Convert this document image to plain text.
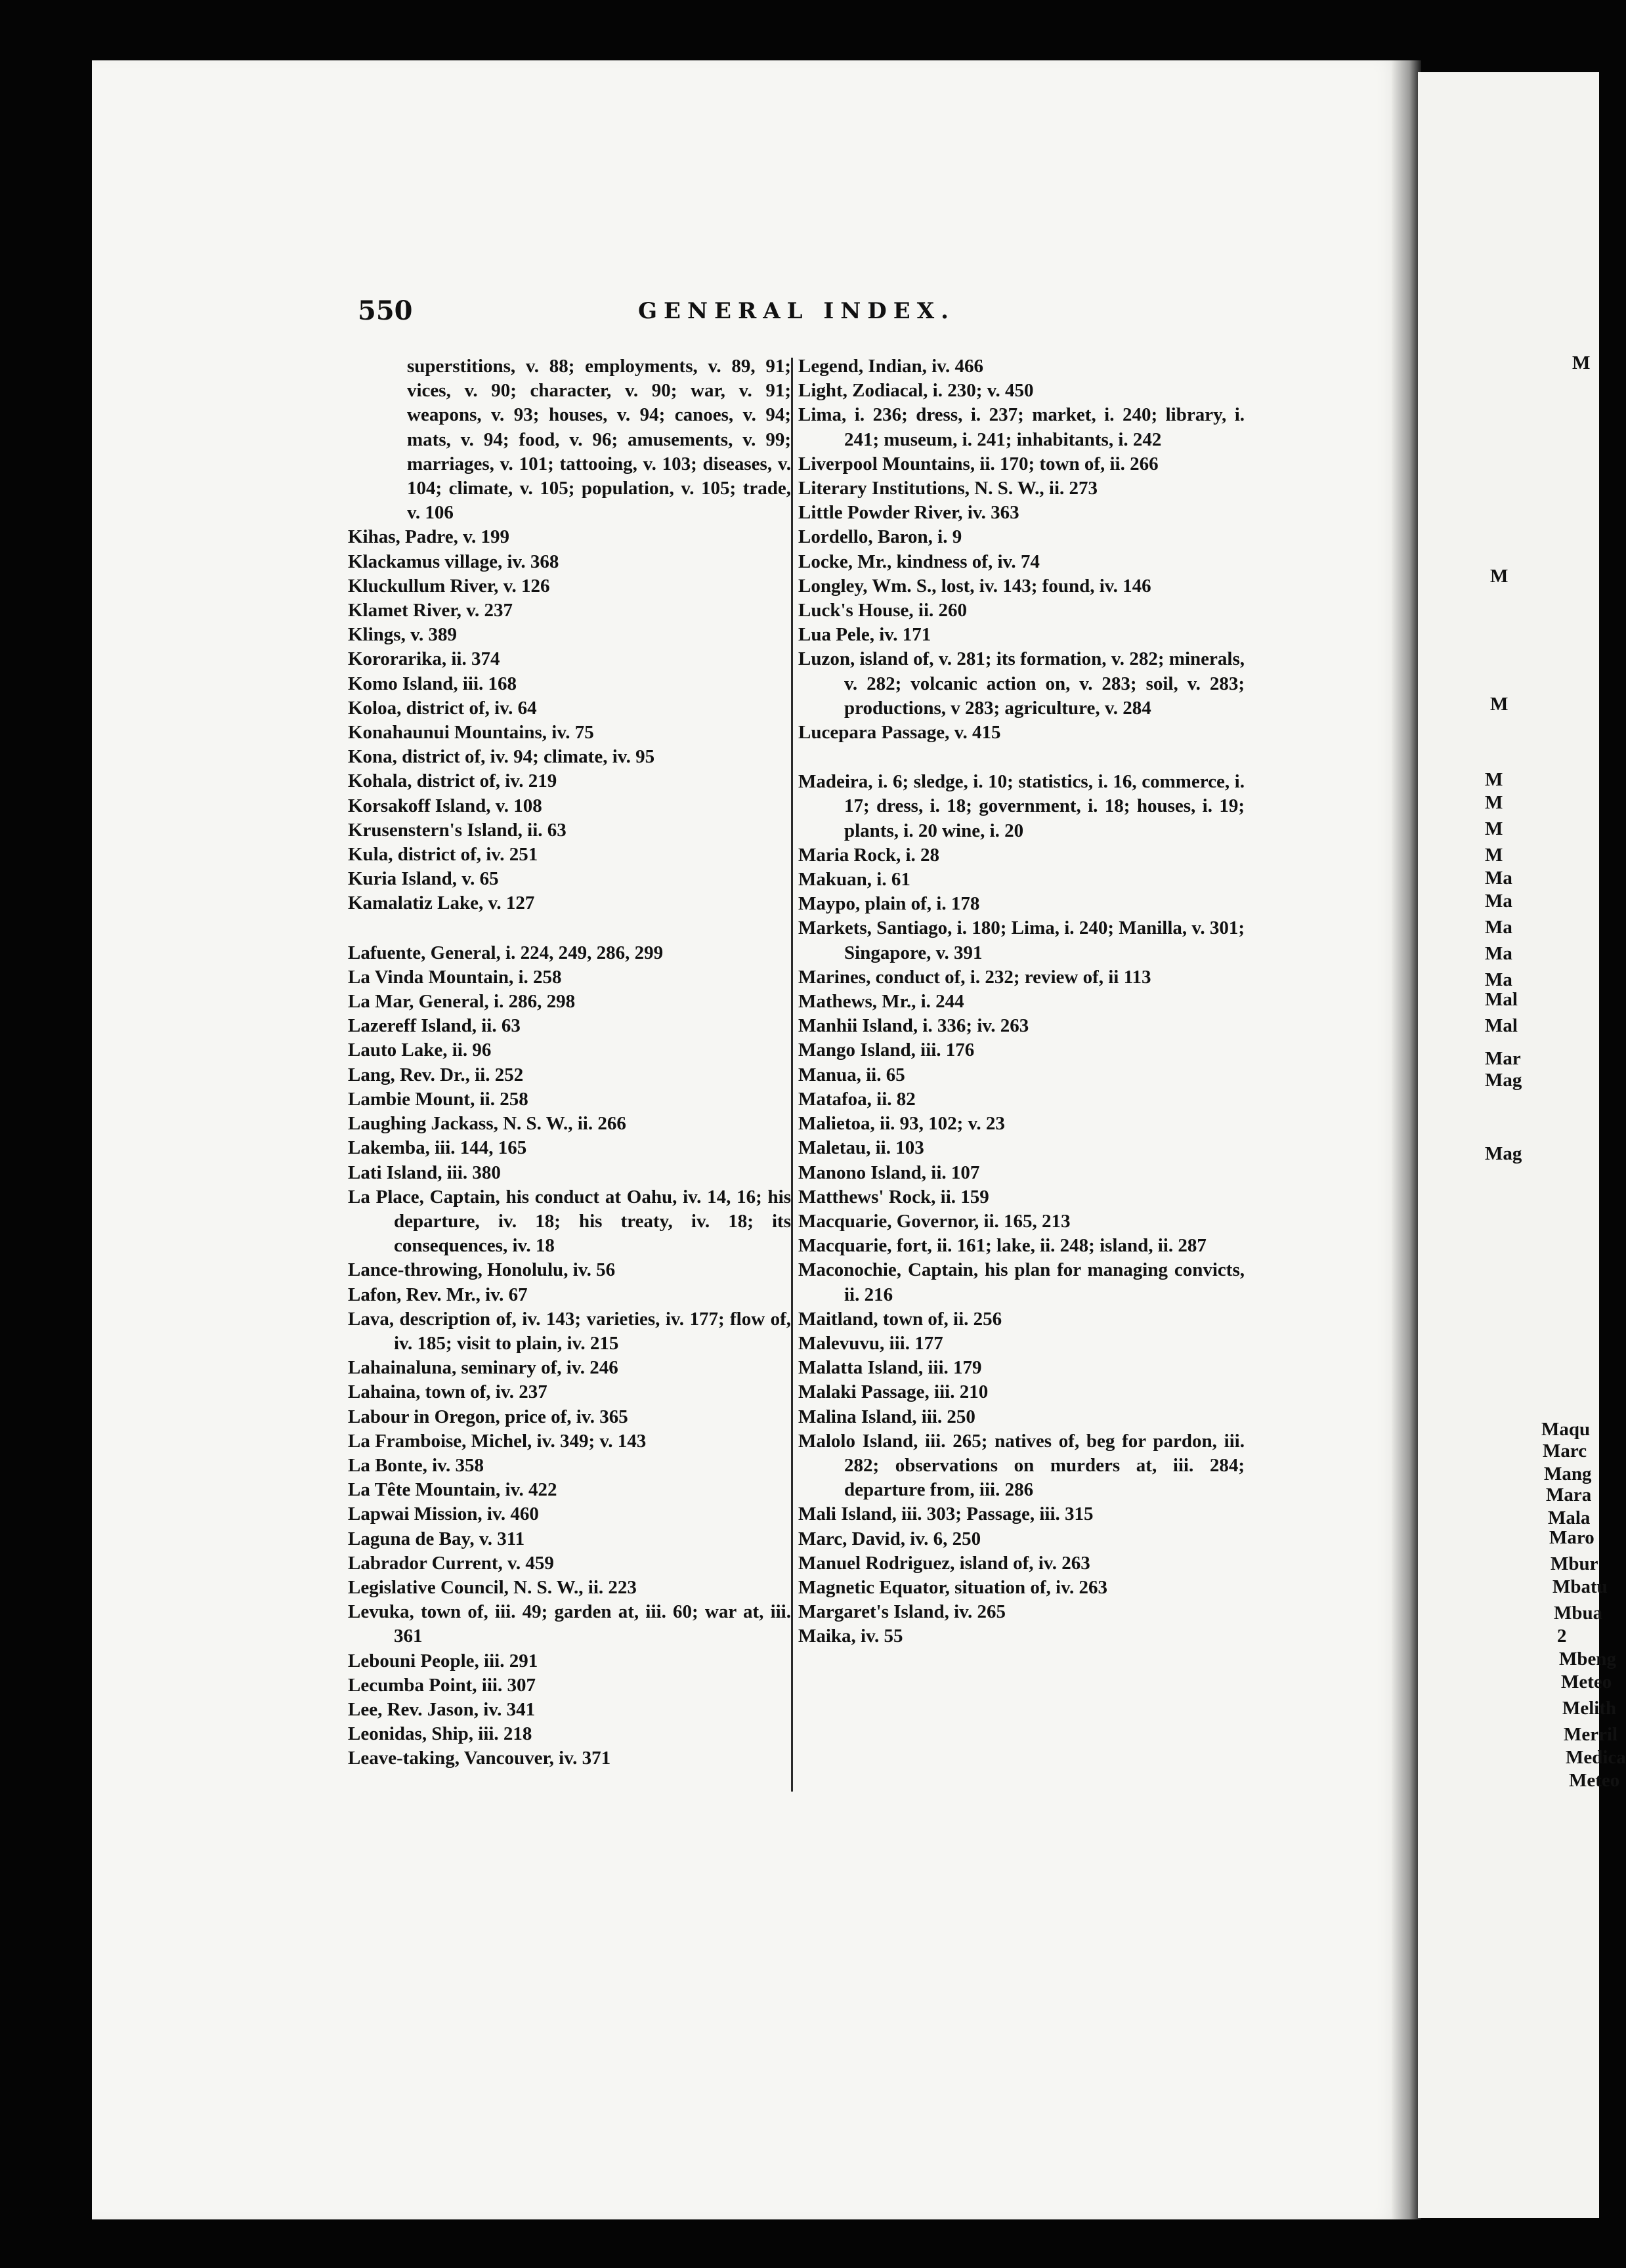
M
M
M
M
M
M
M
Ma
Ma
Ma
Ma
Ma
Mal
Mal
Mar
Mag
Mag
Maqu
Marc
Mang
Mara
Mala
Maro
Mbur
Mbatu
Mbua
2
Mbeng
Meteo
Melith
Merril
Medica
Meteo
550	GENERAL INDEX.

superstitions, v. 88; employments, v. 89, 91; vices, v. 90; character, v. 90; war, v. 91; weapons, v. 93; houses, v. 94; canoes, v. 94; mats, v. 94; food, v. 96; amusements, v. 99; marriages, v. 101; tattooing, v. 103; diseases, v. 104; climate, v. 105; population, v. 105; trade, v. 106

Kihas, Padre, v. 199

Klackamus village, iv. 368

Kluckullum River, v. 126

Klamet River, v. 237

Klings, v. 389

Kororarika, ii. 374

Komo Island, iii. 168

Koloa, district of, iv. 64

Konahaunui Mountains, iv. 75

Kona, district of, iv. 94; climate, iv. 95

Kohala, district of, iv. 219

Korsakoff Island, v. 108

Krusenstern's Island, ii. 63

Kula, district of, iv. 251

Kuria Island, v. 65

Kamalatiz Lake, v. 127

Lafuente, General, i. 224, 249, 286, 299

La Vinda Mountain, i. 258

La Mar, General, i. 286, 298

Lazereff Island, ii. 63

Lauto Lake, ii. 96

Lang, Rev. Dr., ii. 252

Lambie Mount, ii. 258

Laughing Jackass, N. S. W., ii. 266

Lakemba, iii. 144, 165

Lati Island, iii. 380

La Place, Captain, his conduct at Oahu, iv. 14, 16; his departure, iv. 18; his treaty, iv. 18; its consequences, iv. 18

Lance-throwing, Honolulu, iv. 56

Lafon, Rev. Mr., iv. 67

Lava, description of, iv. 143; varieties, iv. 177; flow of, iv. 185; visit to plain, iv. 215

Lahainaluna, seminary of, iv. 246

Lahaina, town of, iv. 237

Labour in Oregon, price of, iv. 365

La Framboise, Michel, iv. 349; v. 143

La Bonte, iv. 358

La Tête Mountain, iv. 422

Lapwai Mission, iv. 460

Laguna de Bay, v. 311

Labrador Current, v. 459

Legislative Council, N. S. W., ii. 223

Levuka, town of, iii. 49; garden at, iii. 60; war at, iii. 361

Lebouni People, iii. 291

Lecumba Point, iii. 307

Lee, Rev. Jason, iv. 341

Leonidas, Ship, iii. 218

Leave-taking, Vancouver, iv. 371

Legend, Indian, iv. 466

Light, Zodiacal, i. 230; v. 450

Lima, i. 236; dress, i. 237; market, i. 240; library, i. 241; museum, i. 241; inhabitants, i. 242

Liverpool Mountains, ii. 170; town of, ii. 266

Literary Institutions, N. S. W., ii. 273

Little Powder River, iv. 363

Lordello, Baron, i. 9

Locke, Mr., kindness of, iv. 74

Longley, Wm. S., lost, iv. 143; found, iv. 146

Luck's House, ii. 260

Lua Pele, iv. 171

Luzon, island of, v. 281; its formation, v. 282; minerals, v. 282; volcanic action on, v. 283; soil, v. 283; productions, v 283; agriculture, v. 284

Lucepara Passage, v. 415

Madeira, i. 6; sledge, i. 10; statistics, i. 16, commerce, i. 17; dress, i. 18; government, i. 18; houses, i. 19; plants, i. 20 wine, i. 20

Maria Rock, i. 28

Makuan, i. 61

Maypo, plain of, i. 178

Markets, Santiago, i. 180; Lima, i. 240; Manilla, v. 301; Singapore, v. 391

Marines, conduct of, i. 232; review of, ii 113

Mathews, Mr., i. 244

Manhii Island, i. 336; iv. 263

Mango Island, iii. 176

Manua, ii. 65

Matafoa, ii. 82

Malietoa, ii. 93, 102; v. 23

Maletau, ii. 103

Manono Island, ii. 107

Matthews' Rock, ii. 159

Macquarie, Governor, ii. 165, 213

Macquarie, fort, ii. 161; lake, ii. 248; island, ii. 287

Maconochie, Captain, his plan for managing convicts, ii. 216

Maitland, town of, ii. 256

Malevuvu, iii. 177

Malatta Island, iii. 179

Malaki Passage, iii. 210

Malina Island, iii. 250

Malolo Island, iii. 265; natives of, beg for pardon, iii. 282; observations on murders at, iii. 284; departure from, iii. 286

Mali Island, iii. 303; Passage, iii. 315

Marc, David, iv. 6, 250

Manuel Rodriguez, island of, iv. 263

Magnetic Equator, situation of, iv. 263

Margaret's Island, iv. 265

Maika, iv. 55
